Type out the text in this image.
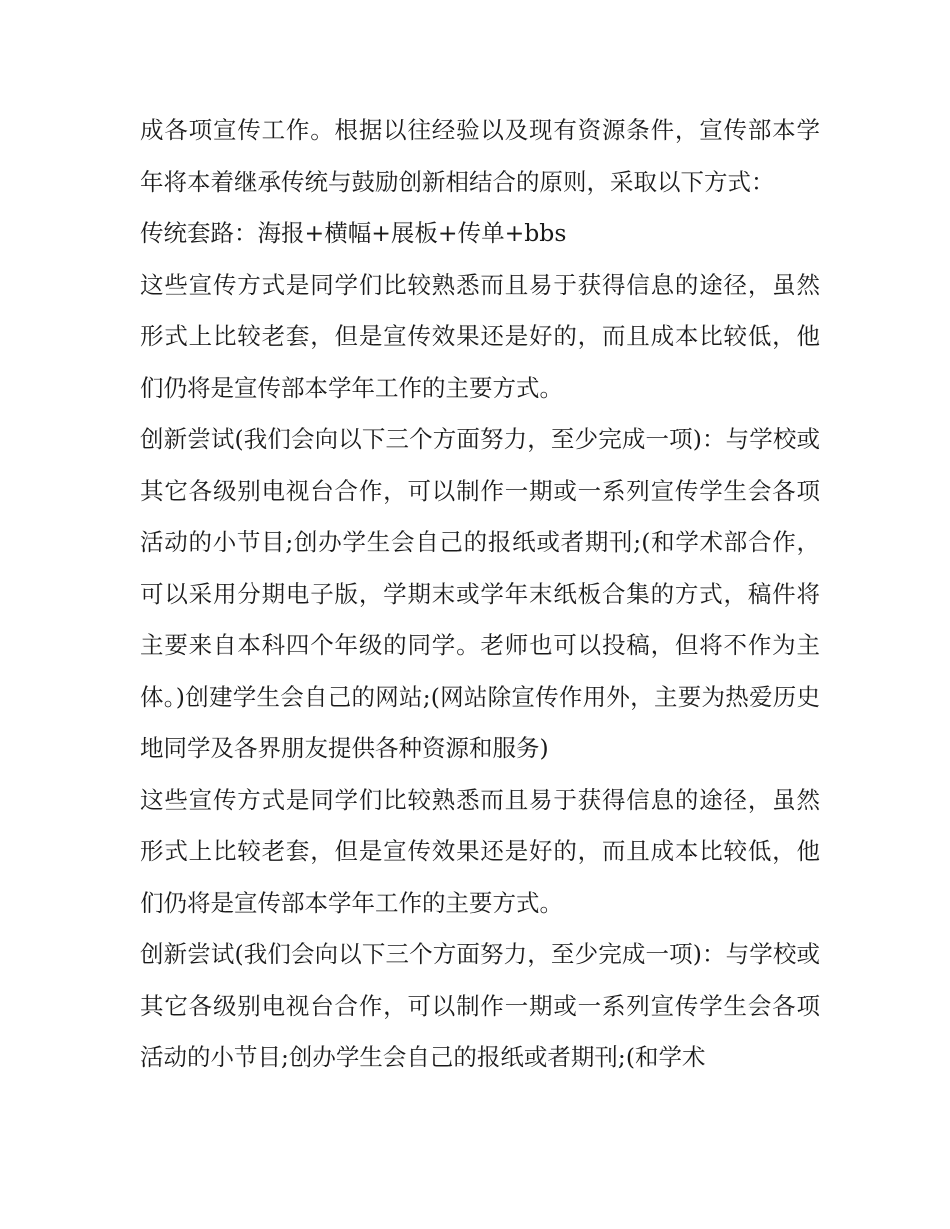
成各项宣传工作。根据以往经验以及现有资源条件，宣传部本学年将本着继承传统与鼓励创新相结合的原则，采取以下方式：

传统套路：海报+横幅+展板+传单+bbs

这些宣传方式是同学们比较熟悉而且易于获得信息的途径，虽然形式上比较老套，但是宣传效果还是好的，而且成本比较低，他们仍将是宣传部本学年工作的主要方式。

创新尝试(我们会向以下三个方面努力，至少完成一项)：与学校或其它各级别电视台合作，可以制作一期或一系列宣传学生会各项活动的小节目;创办学生会自己的报纸或者期刊;(和学术部合作，可以采用分期电子版，学期末或学年末纸板合集的方式，稿件将主要来自本科四个年级的同学。老师也可以投稿，但将不作为主体。)创建学生会自己的网站;(网站除宣传作用外，主要为热爱历史地同学及各界朋友提供各种资源和服务)

这些宣传方式是同学们比较熟悉而且易于获得信息的途径，虽然形式上比较老套，但是宣传效果还是好的，而且成本比较低，他们仍将是宣传部本学年工作的主要方式。

创新尝试(我们会向以下三个方面努力，至少完成一项)：与学校或其它各级别电视台合作，可以制作一期或一系列宣传学生会各项活动的小节目;创办学生会自己的报纸或者期刊;(和学术
